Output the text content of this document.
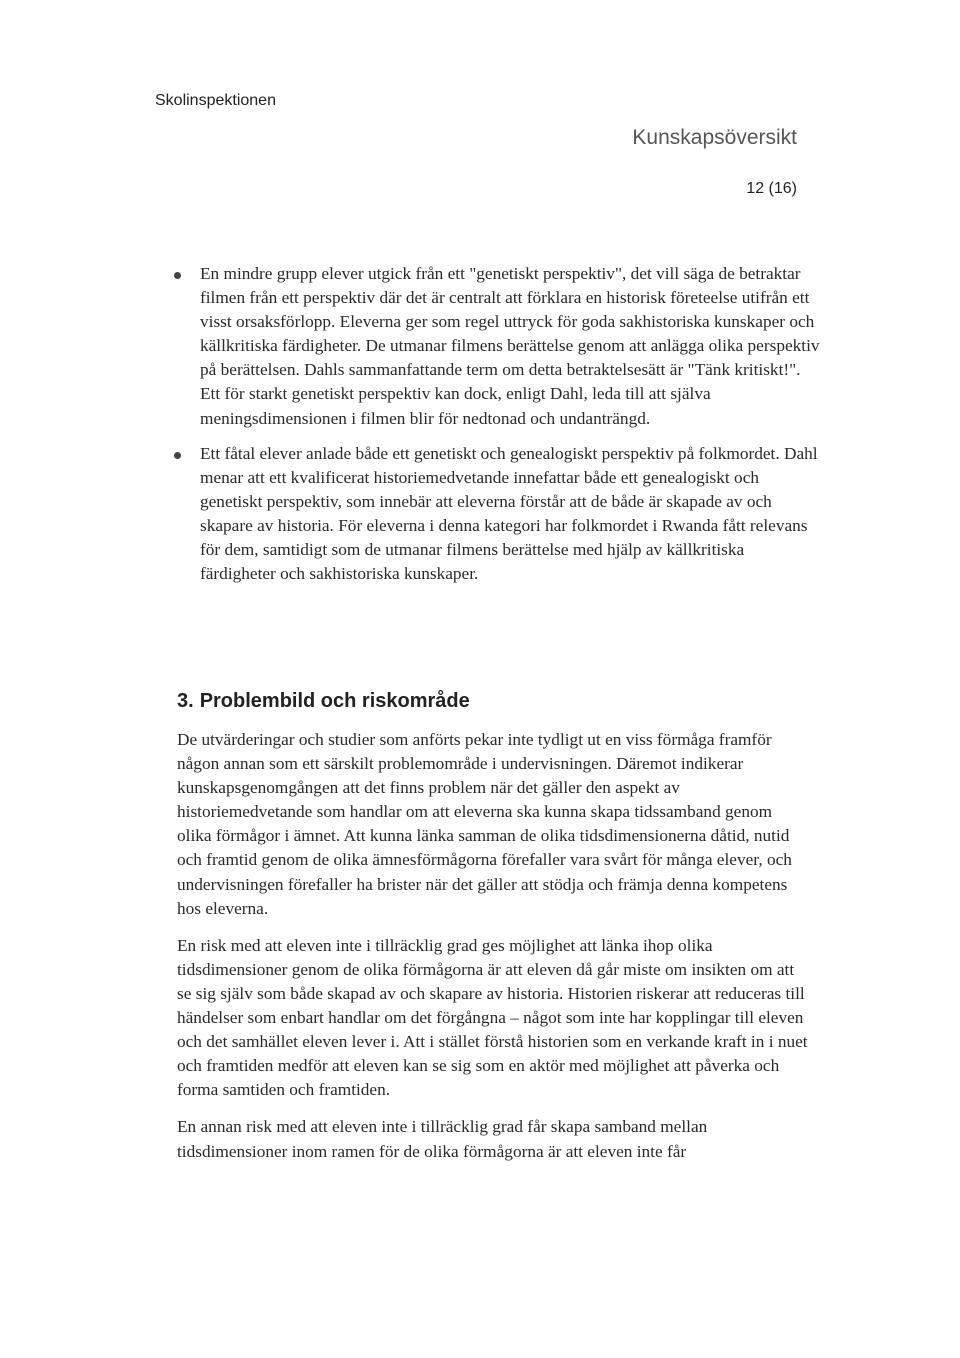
Skolinspektionen
Kunskapsöversikt
12 (16)
En mindre grupp elever utgick från ett "genetiskt perspektiv", det vill säga de betraktar filmen från ett perspektiv där det är centralt att förklara en historisk företeelse utifrån ett visst orsaksförlopp. Eleverna ger som regel uttryck för goda sakhistoriska kunskaper och källkritiska färdigheter. De utmanar filmens berättelse genom att anlägga olika perspektiv på berättelsen. Dahls sammanfattande term om detta betraktelsesätt är "Tänk kritiskt!". Ett för starkt genetiskt perspektiv kan dock, enligt Dahl, leda till att själva meningsdimensionen i filmen blir för nedtonad och undanträngd.
Ett fåtal elever anlade både ett genetiskt och genealogiskt perspektiv på folkmordet. Dahl menar att ett kvalificerat historiemedvetande innefattar både ett genealogiskt och genetiskt perspektiv, som innebär att eleverna förstår att de både är skapade av och skapare av historia. För eleverna i denna kategori har folkmordet i Rwanda fått relevans för dem, samtidigt som de utmanar filmens berättelse med hjälp av källkritiska färdigheter och sakhistoriska kunskaper.
3. Problembild och riskområde

De utvärderingar och studier som anförts pekar inte tydligt ut en viss förmåga framför någon annan som ett särskilt problemområde i undervisningen. Däremot indikerar kunskapsgenomgången att det finns problem när det gäller den aspekt av historiemedvetande som handlar om att eleverna ska kunna skapa tidssamband genom olika förmågor i ämnet. Att kunna länka samman de olika tidsdimensionerna dåtid, nutid och framtid genom de olika ämnesförmågorna förefaller vara svårt för många elever, och undervisningen förefaller ha brister när det gäller att stödja och främja denna kompetens hos eleverna.

En risk med att eleven inte i tillräcklig grad ges möjlighet att länka ihop olika tidsdimensioner genom de olika förmågorna är att eleven då går miste om insikten om att se sig själv som både skapad av och skapare av historia. Historien riskerar att reduceras till händelser som enbart handlar om det förgångna – något som inte har kopplingar till eleven och det samhället eleven lever i. Att i stället förstå historien som en verkande kraft in i nuet och framtiden medför att eleven kan se sig som en aktör med möjlighet att påverka och forma samtiden och framtiden.

En annan risk med att eleven inte i tillräcklig grad får skapa samband mellan tidsdimensioner inom ramen för de olika förmågorna är att eleven inte får
